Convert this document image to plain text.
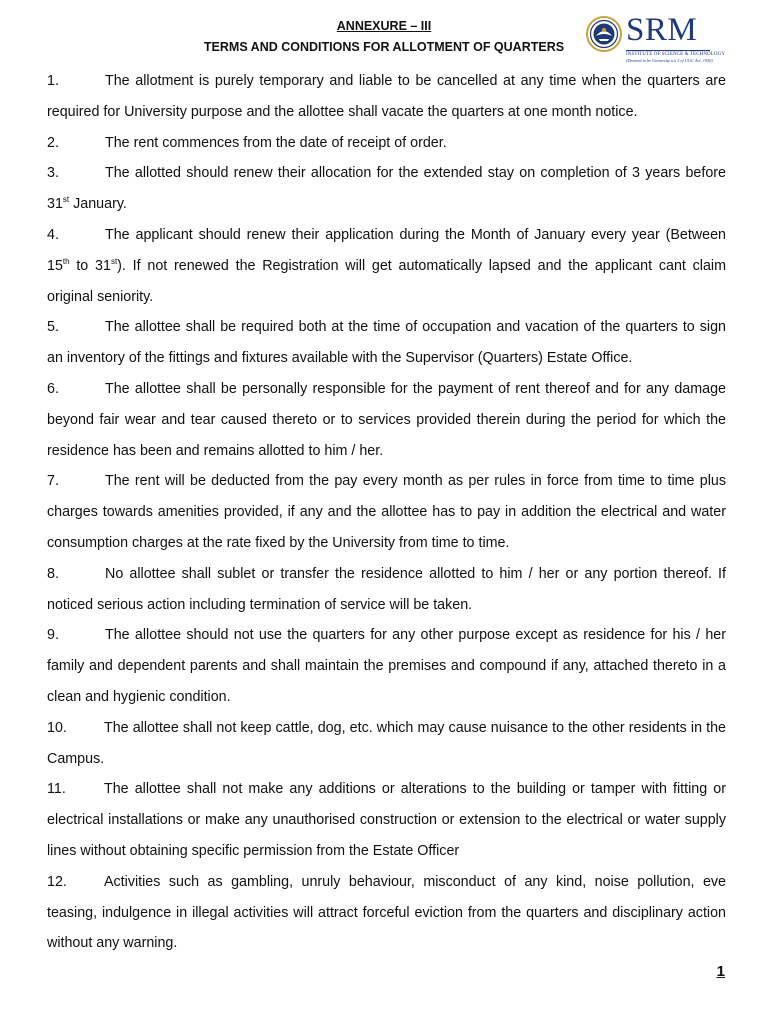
SRM
INSTITUTE OF SCIENCE & TECHNOLOGY
(Deemed to be University u/s 3 of UGC Act, 1956)
ANNEXURE – III
TERMS AND CONDITIONS FOR ALLOTMENT OF QUARTERS

1.	The allotment is purely temporary and liable to be cancelled at any time when the quarters are required for University purpose and the allottee shall vacate the quarters at one month notice.

2.	The rent commences from the date of receipt of order.

3.	The allotted should renew their allocation for the extended stay on completion of 3 years before 31st January.

4.	The applicant should renew their application during the Month of January every year (Between 15th to 31st). If not renewed the Registration will get automatically lapsed and the applicant cant claim original seniority.

5.	The allottee shall be required both at the time of occupation and vacation of the quarters to sign an inventory of the fittings and fixtures available with the Supervisor (Quarters) Estate Office.

6.	The allottee shall be personally responsible for the payment of rent thereof and for any damage beyond fair wear and tear caused thereto or to services provided therein during the period for which the residence has been and remains allotted to him / her.

7.	The rent will be deducted from the pay every month as per rules in force from time to time plus charges towards amenities provided, if any and the allottee has to pay in addition the electrical and water consumption charges at the rate fixed by the University from time to time.

8.	No allottee shall sublet or transfer the residence allotted to him / her or any portion thereof. If noticed serious action including termination of service will be taken.

9.	The allottee should not use the quarters for any other purpose except as residence for his / her family and dependent parents and shall maintain the premises and compound if any, attached thereto in a clean and hygienic condition.

10.	The allottee shall not keep cattle, dog, etc. which may cause nuisance to the other residents in the Campus.

11.	The allottee shall not make any additions or alterations to the building or tamper with fitting or electrical installations or make any unauthorised construction or extension to the electrical or water supply lines without obtaining specific permission from the Estate Officer

12.	Activities such as gambling, unruly behaviour, misconduct of any kind, noise pollution, eve teasing, indulgence in illegal activities will attract forceful eviction from the quarters and disciplinary action without any warning.

1
